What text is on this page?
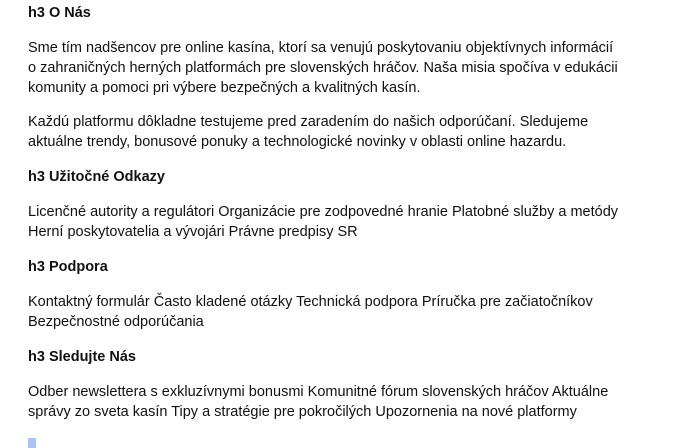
h3 O Nás

Sme tím nadšencov pre online kasína, ktorí sa venujú poskytovaniu objektívnych informácií
o zahraničných herných platformách pre slovenských hráčov. Naša misia spočíva v edukácii
komunity a pomoci pri výbere bezpečných a kvalitných kasín.

Každú platformu dôkladne testujeme pred zaradením do našich odporúčaní. Sledujeme
aktuálne trendy, bonusové ponuky a technologické novinky v oblasti online hazardu.

h3 Užitočné Odkazy

Licenčné autority a regulátori Organizácie pre zodpovedné hranie Platobné služby a metódy
Herní poskytovatelia a vývojári Právne predpisy SR

h3 Podpora

Kontaktný formulár Často kladené otázky Technická podpora Príručka pre začiatočníkov
Bezpečnostné odporúčania

h3 Sledujte Nás

Odber newslettera s exkluzívnymi bonusmi Komunitné fórum slovenských hráčov Aktuálne
správy zo sveta kasín Tipy a stratégie pre pokročilých Upozornenia na nové platformy
